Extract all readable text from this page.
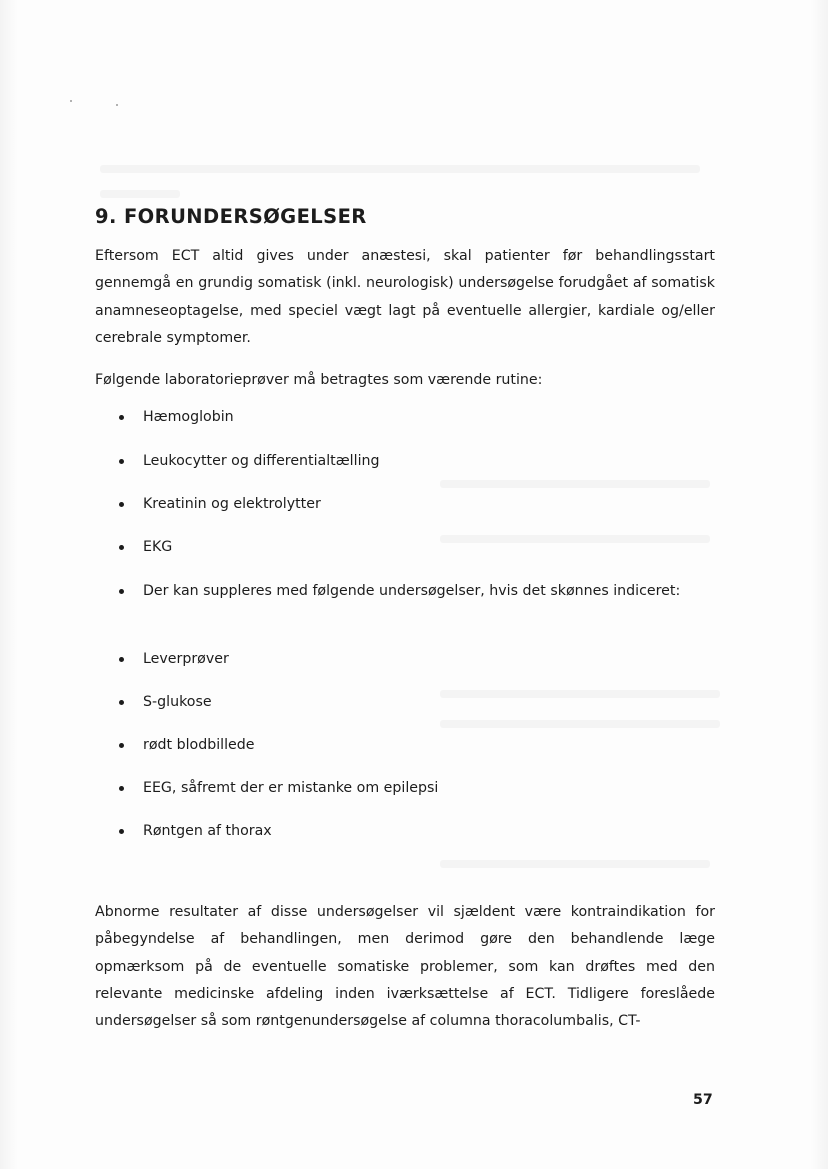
9. FORUNDERSØGELSER

Eftersom ECT altid gives under anæstesi, skal patienter før behandlingsstart gennemgå en grundig somatisk (inkl. neurologisk) undersøgelse forudgået af somatisk anamneseoptagelse, med speciel vægt lagt på eventuelle allergier, kardiale og/eller cerebrale symptomer.

Følgende laboratorieprøver må betragtes som værende rutine:

Hæmoglobin
Leukocytter og differentialtælling
Kreatinin og elektrolytter
EKG
Der kan suppleres med følgende undersøgelser, hvis det skønnes indiceret:
Leverprøver
S-glukose
rødt blodbillede
EEG, såfremt der er mistanke om epilepsi
Røntgen af thorax

Abnorme resultater af disse undersøgelser vil sjældent være kontraindikation for påbegyndelse af behandlingen, men derimod gøre den behandlende læge opmærksom på de eventuelle somatiske problemer, som kan drøftes med den relevante medicinske afdeling inden iværksættelse af ECT. Tidligere foreslåede undersøgelser så som røntgenundersøgelse af columna thoracolumbalis, CT-

57
